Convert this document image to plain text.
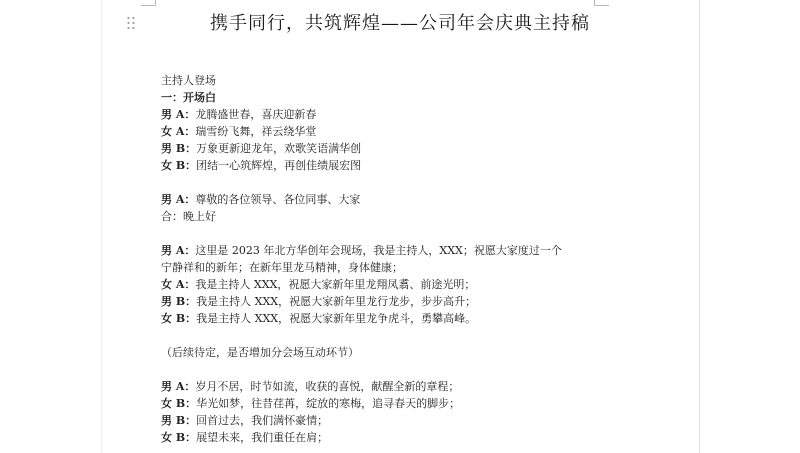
携手同行，共筑辉煌——公司年会庆典主持稿
主持人登场
一：开场白
男 A：龙腾盛世春，喜庆迎新春
女 A：瑞雪纷飞舞，祥云绕华堂
男 B：万象更新迎龙年，欢歌笑语满华创
女 B：团结一心筑辉煌，再创佳绩展宏图
男 A：尊敬的各位领导、各位同事、大家
合：晚上好
男 A：这里是 2023 年北方华创年会现场，我是主持人，XXX；祝愿大家度过一个
宁静祥和的新年；在新年里龙马精神，身体健康；
女 A：我是主持人 XXX，祝愿大家新年里龙翔凤翥、前途光明；
男 B：我是主持人 XXX，祝愿大家新年里龙行龙步，步步高升；
女 B：我是主持人 XXX，祝愿大家新年里龙争虎斗，勇攀高峰。
（后续待定，是否增加分会场互动环节）
男 A：岁月不居，时节如流，收获的喜悦，献醒全新的章程；
女 B：华光如梦，往昔荏苒，绽放的寒梅，追寻春天的脚步；
男 B：回首过去，我们满怀豪情；
女 B：展望未来，我们重任在肩；
